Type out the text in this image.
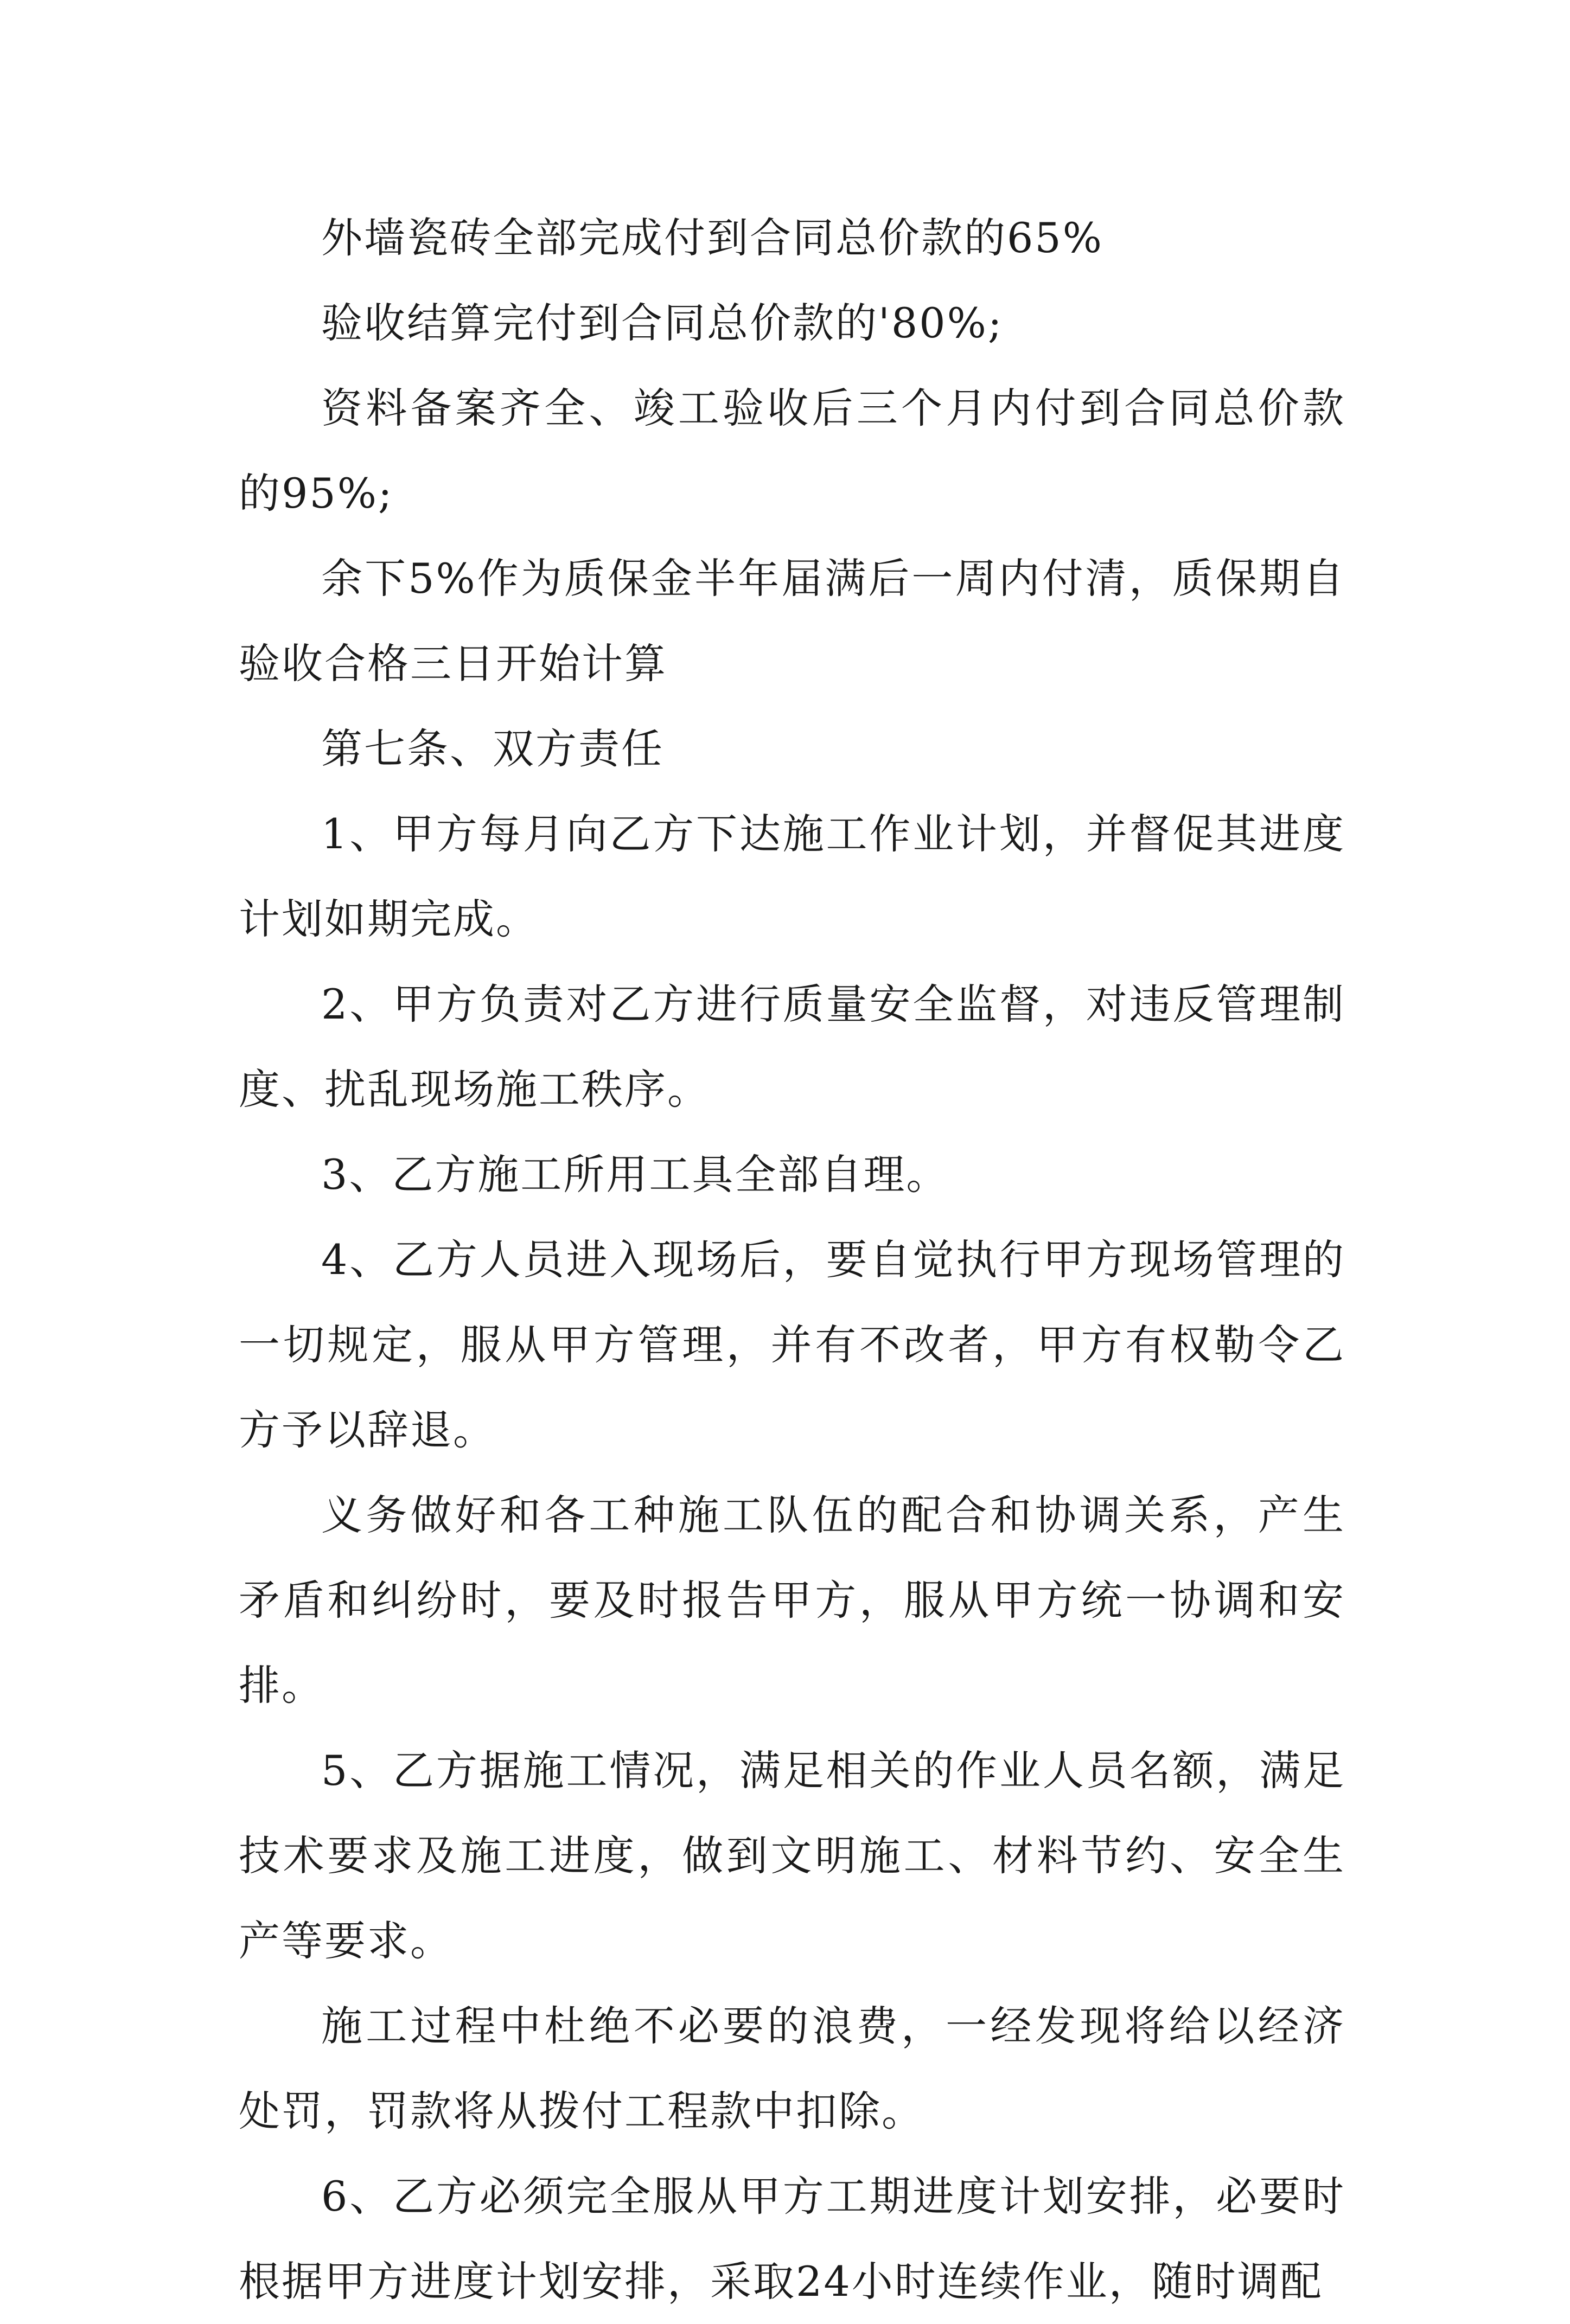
外墙瓷砖全部完成付到合同总价款的65%

验收结算完付到合同总价款的'80%;

资料备案齐全、竣工验收后三个月内付到合同总价款的95%;

余下5%作为质保金半年届满后一周内付清，质保期自验收合格三日开始计算

第七条、双方责任

1、甲方每月向乙方下达施工作业计划，并督促其进度计划如期完成。

2、甲方负责对乙方进行质量安全监督，对违反管理制度、扰乱现场施工秩序。

3、乙方施工所用工具全部自理。

4、乙方人员进入现场后，要自觉执行甲方现场管理的一切规定，服从甲方管理，并有不改者，甲方有权勒令乙方予以辞退。

义务做好和各工种施工队伍的配合和协调关系，产生矛盾和纠纷时，要及时报告甲方，服从甲方统一协调和安排。

5、乙方据施工情况，满足相关的作业人员名额，满足技术要求及施工进度，做到文明施工、材料节约、安全生产等要求。

施工过程中杜绝不必要的浪费，一经发现将给以经济处罚，罚款将从拨付工程款中扣除。

6、乙方必须完全服从甲方工期进度计划安排，必要时根据甲方进度计划安排，采取24小时连续作业，随时调配
